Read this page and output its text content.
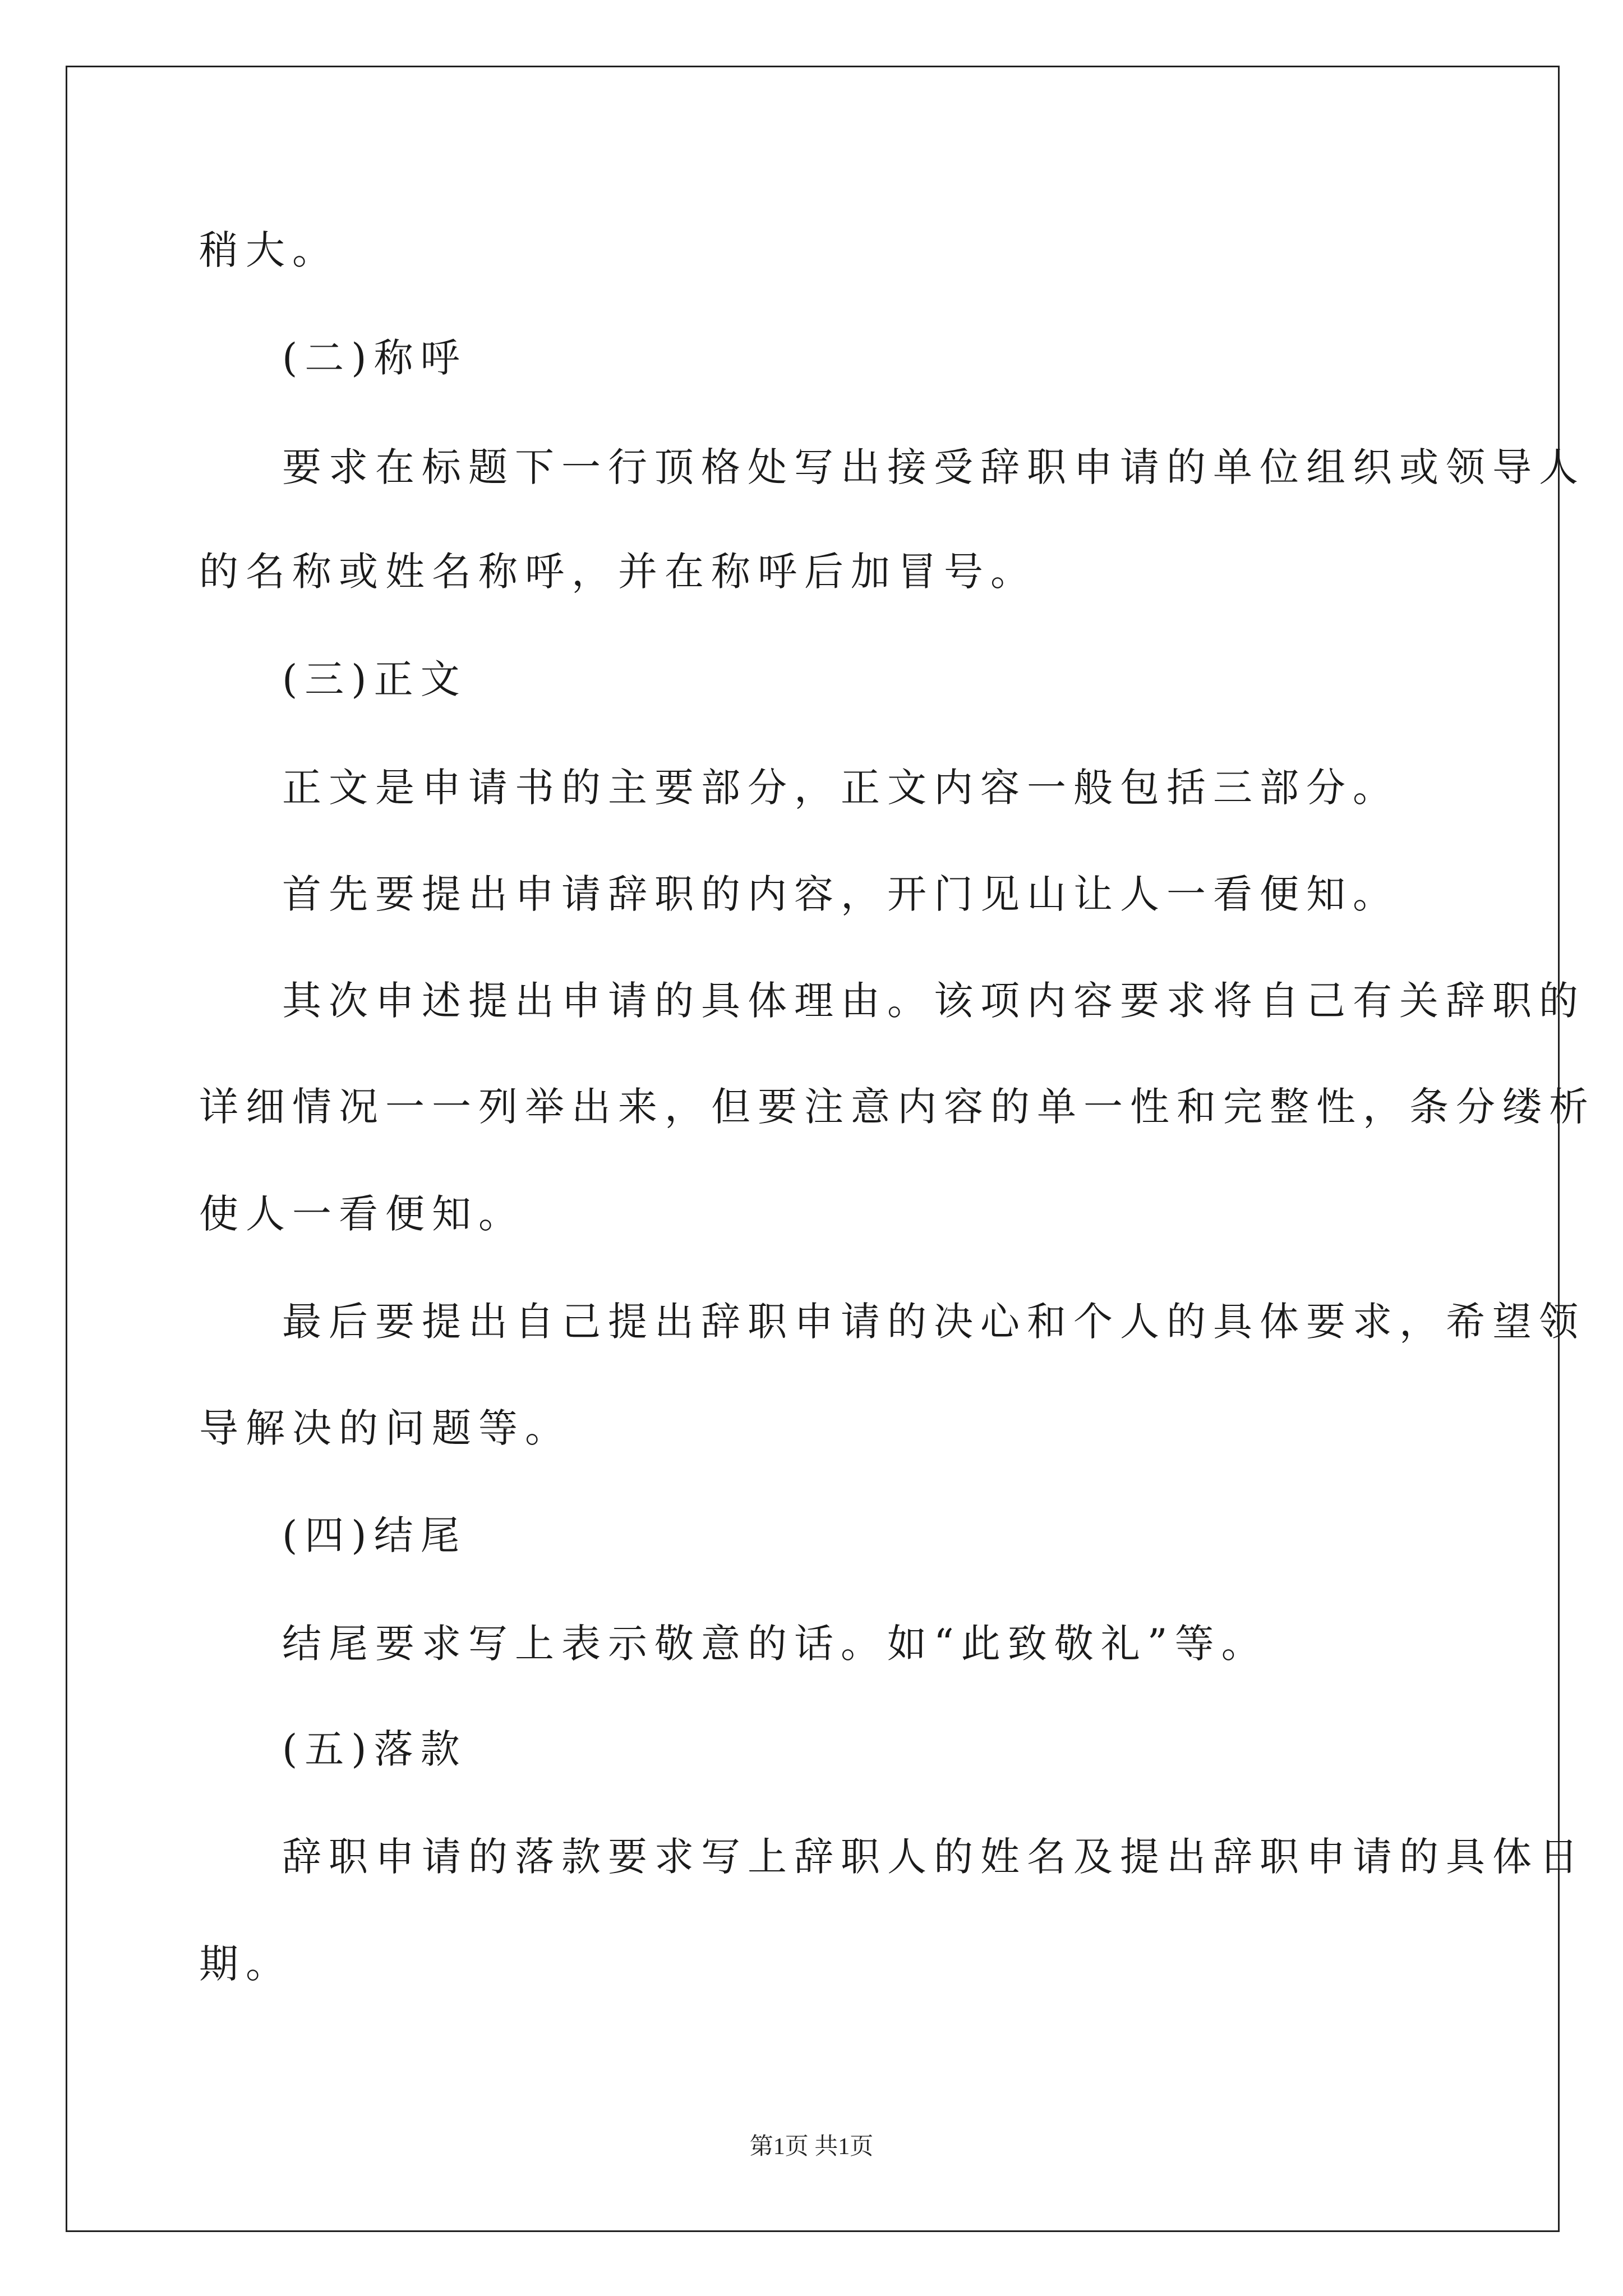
稍大。
(二)称呼
要求在标题下一行顶格处写出接受辞职申请的单位组织或领导人
的名称或姓名称呼，并在称呼后加冒号。
(三)正文
正文是申请书的主要部分，正文内容一般包括三部分。
首先要提出申请辞职的内容，开门见山让人一看便知。
其次申述提出申请的具体理由。该项内容要求将自己有关辞职的
详细情况一一列举出来，但要注意内容的单一性和完整性，条分缕析
使人一看便知。
最后要提出自己提出辞职申请的决心和个人的具体要求，希望领
导解决的问题等。
(四)结尾
结尾要求写上表示敬意的话。如“此致敬礼”等。
(五)落款
辞职申请的落款要求写上辞职人的姓名及提出辞职申请的具体日
期。
第1页 共1页
